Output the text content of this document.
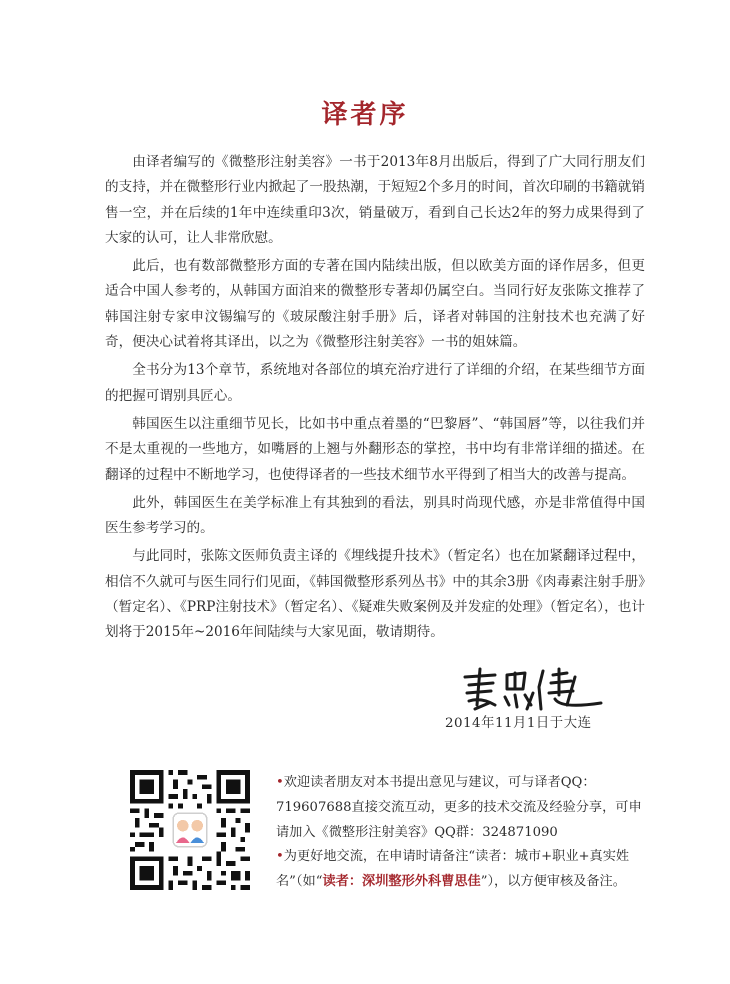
译者序

由译者编写的《微整形注射美容》一书于2013年8月出版后，得到了广大同行朋友们的支持，并在微整形行业内掀起了一股热潮，于短短2个多月的时间，首次印刷的书籍就销售一空，并在后续的1年中连续重印3次，销量破万，看到自己长达2年的努力成果得到了大家的认可，让人非常欣慰。

此后，也有数部微整形方面的专著在国内陆续出版，但以欧美方面的译作居多，但更适合中国人参考的，从韩国方面洎来的微整形专著却仍属空白。当同行好友张陈文推荐了韩国注射专家申汶锡编写的《玻尿酸注射手册》后，译者对韩国的注射技术也充满了好奇，便决心试着将其译出，以之为《微整形注射美容》一书的姐妹篇。

全书分为13个章节，系统地对各部位的填充治疗进行了详细的介绍，在某些细节方面的把握可谓别具匠心。

韩国医生以注重细节见长，比如书中重点着墨的“巴黎唇”、“韩国唇”等，以往我们并不是太重视的一些地方，如嘴唇的上翘与外翻形态的掌控，书中均有非常详细的描述。在翻译的过程中不断地学习，也使得译者的一些技术细节水平得到了相当大的改善与提高。

此外，韩国医生在美学标准上有其独到的看法，别具时尚现代感，亦是非常值得中国医生参考学习的。

与此同时，张陈文医师负责主译的《埋线提升技术》（暂定名）也在加紧翻译过程中，相信不久就可与医生同行们见面，《韩国微整形系列丛书》中的其余3册《肉毒素注射手册》（暂定名）、《PRP注射技术》（暂定名）、《疑难失败案例及并发症的处理》（暂定名），也计划将于2015年~2016年间陆续与大家见面，敬请期待。

2014年11月1日于大连

•欢迎读者朋友对本书提出意见与建议，可与译者QQ：719607688直接交流互动，更多的技术交流及经验分享，可申请加入《微整形注射美容》QQ群：324871090

•为更好地交流，在申请时请备注“读者：城市+职业+真实姓名”（如“读者：深圳整形外科曹思佳”），以方便审核及备注。
